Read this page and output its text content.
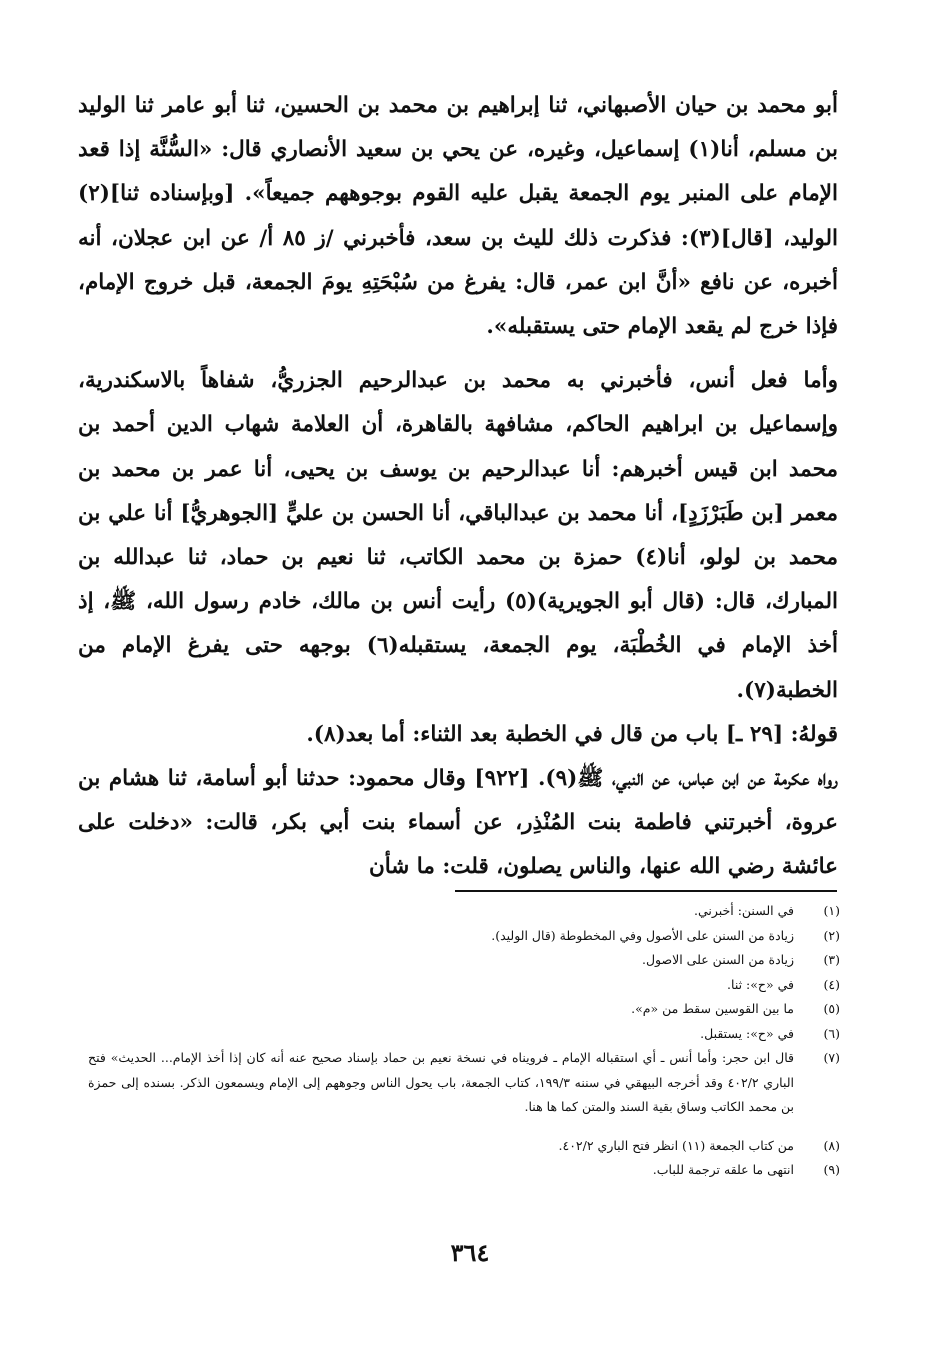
أبو محمد بن حيان الأصبهاني، ثنا إبراهيم بن محمد بن الحسين، ثنا أبو عامر ثنا الوليد بن مسلم، أنا(١) إسماعيل، وغيره، عن يحي بن سعيد الأنصاري قال: «السُّنَّة إذا قعد الإمام على المنبر يوم الجمعة يقبل عليه القوم بوجوههم جميعاً». [وبإسناده ثنا](٢) الوليد، [قال](٣): فذكرت ذلك لليث بن سعد، فأخبرني /ز ٨٥ أ/ عن ابن عجلان، أنه أخبره، عن نافع «أنَّ ابن عمر، قال: يفرغ من سُبْحَتِهِ يومَ الجمعة، قبل خروج الإمام، فإذا خرج لم يقعد الإمام حتى يستقبله».

وأما فعل أنس، فأخبرني به محمد بن عبدالرحيم الجزريُّ، شفاهاً بالاسكندرية، وإسماعيل بن ابراهيم الحاكم، مشافهة بالقاهرة، أن العلامة شهاب الدين أحمد بن محمد ابن قيس أخبرهم: أنا عبدالرحيم بن يوسف بن يحيى، أنا عمر بن محمد بن معمر [بن طَبَرْزَدٍ]، أنا محمد بن عبدالباقي، أنا الحسن بن عليٍّ [الجوهريُّ] أنا علي بن محمد بن لولو، أنا(٤) حمزة بن محمد الكاتب، ثنا نعيم بن حماد، ثنا عبدالله بن المبارك، قال: (قال أبو الجويرية)(٥) رأيت أنس بن مالك، خادم رسول الله، ﷺ، إذ أخذ الإمام في الخُطْبَة، يوم الجمعة، يستقبله(٦) بوجهه حتى يفرغ الإمام من الخطبة(٧).

قولهُ: [٢٩ ـ] باب من قال في الخطبة بعد الثناء: أما بعد(٨).

رواه عكرمة عن ابن عباس، عن النبي، ﷺ(٩). [٩٢٢] وقال محمود: حدثنا أبو أسامة، ثنا هشام بن عروة، أخبرتني فاطمة بنت المُنْذِر، عن أسماء بنت أبي بكر، قالت: «دخلت على عائشة رضي الله عنها، والناس يصلون، قلت: ما شأن

(١)
في السنن: أخبرني.
(٢)
زيادة من السنن على الأصول وفي المخطوطة (قال الوليد).
(٣)
زيادة من السنن على الاصول.
(٤)
في «ح»: ثنا.
(٥)
ما بين القوسين سقط من «م».
(٦)
في «ح»: يستقبل.
(٧)
قال ابن حجر: وأما أنس ـ أي استقباله الإمام ـ فرويناه في نسخة نعيم بن حماد بإسناد صحيح عنه أنه كان إذا أخذ الإمام... الحديث» فتح الباري ٤٠٢/٢ وقد أخرجه البيهقي في سننه ١٩٩/٣، كتاب الجمعة، باب يحول الناس وجوههم إلى الإمام ويسمعون الذكر. بسنده إلى حمزة بن محمد الكاتب وساق بقية السند والمتن كما ها هنا.
(٨)
من كتاب الجمعة (١١) انظر فتح الباري ٤٠٢/٢.
(٩)
انتهى ما علقه ترجمة للباب.
٣٦٤
